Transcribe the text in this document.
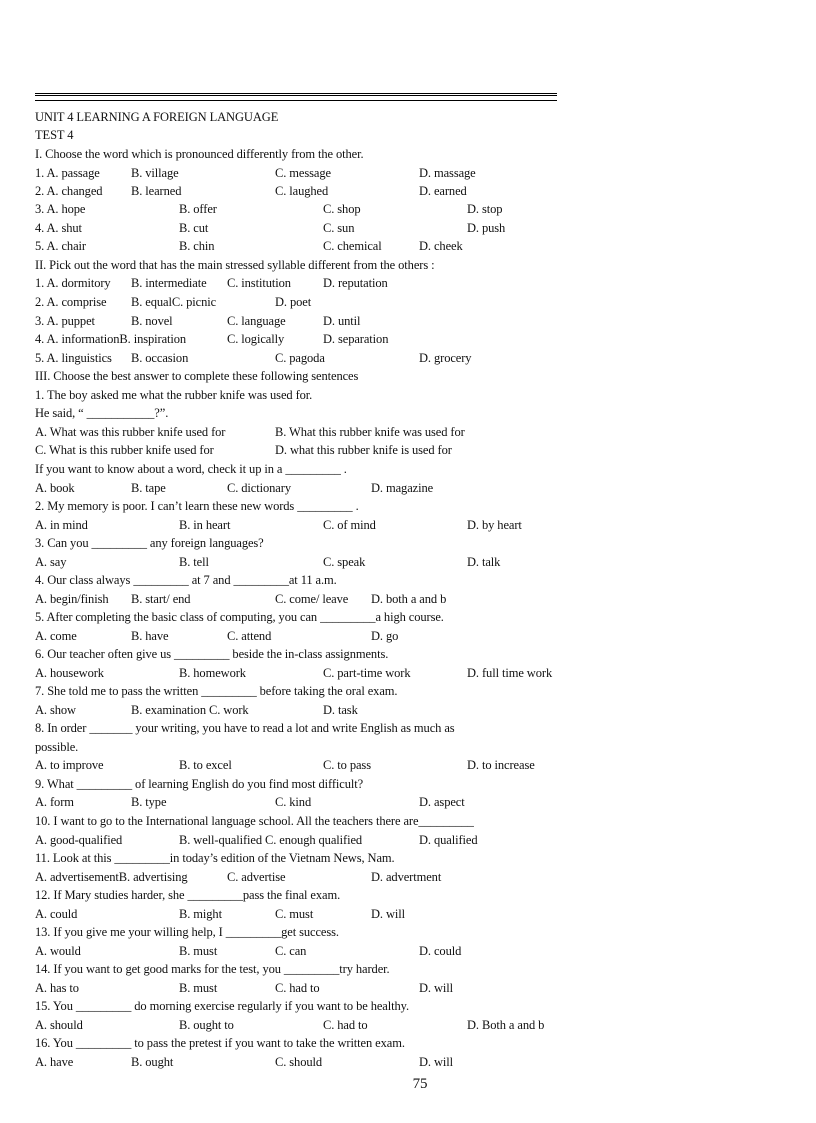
UNIT 4 LEARNING A FOREIGN LANGUAGE
TEST 4
I. Choose the word which is pronounced differently from the other.
1. A. passage	B. village	C. message	D. massage
2. A. changed B. learned	C. laughed	D. earned
3. A. hope	B. offer	C. shop	D. stop
4. A. shut	B. cut	C. sun	D. push
5. A. chair	B. chin	C. chemical	D. cheek
II. Pick out the word that has the main stressed syllable different from the others :
1. A. dormitory B. intermediate C. institution	D. reputation
2. A. comprise B. equalC. picnic	D. poet
3. A. puppet	B. novel	C. language	D. until
4. A. informationB. inspiration	C. logically	D. separation
5. A. linguistics B. occasion	C. pagoda	D. grocery
III. Choose the best answer to complete these following sentences
1. The boy asked me what the rubber knife was used for.
He said, “ ___________?”.
A. What was this rubber knife used for	B. What this rubber knife was used for
C. What is this rubber knife used for	D. what this rubber knife is used for
If you want to know about a word, check it up in a _________ .
A. book	B. tape	C. dictionary	D. magazine
2. My memory is poor. I can’t learn these new words _________ .
A. in mind	B. in heart	C. of mind	D. by heart
3. Can you _________ any foreign languages?
A. say	B. tell	C. speak	D. talk
4. Our class always _________ at 7 and _________at 11 a.m.
A. begin/finish B. start/ end	C. come/ leave D. both a and b
5. After completing the basic class of computing, you can _________a high course.
A. come	B. have	C. attend	D. go
6. Our teacher often give us _________ beside the in-class assignments.
A. housework	B. homework	C. part-time work	D. full time work
7. She told me to pass the written _________ before taking the oral exam.
A. show	B. examination C. work	D. task
8. In order _______ your writing, you have to read a lot and write English as much as
possible.
A. to improve	B. to excel	C. to pass	D. to increase
9. What _________ of learning English do you find most difficult?
A. form	B. type	C. kind	D. aspect
10. I want to go to the International language school. All the teachers there are_________
A. good-qualified	B. well-qualified C. enough qualified	D. qualified
11. Look at this _________in today’s edition of the Vietnam News, Nam.
A. advertisementB. advertising	C. advertise	D. advertment
12. If Mary studies harder, she _________pass the final exam.
A. could	B. might	C. must	D. will
13. If you give me your willing help, I _________get success.
A. would	B. must	C. can	D. could
14. If you want to get good marks for the test, you _________try harder.
A. has to	B. must	C. had to	D. will
15. You _________ do morning exercise regularly if you want to be healthy.
A. should	B. ought to	C. had to	D. Both a and b
16. You _________ to pass the pretest if you want to take the written exam.
A. have	B. ought	C. should	D. will
75
